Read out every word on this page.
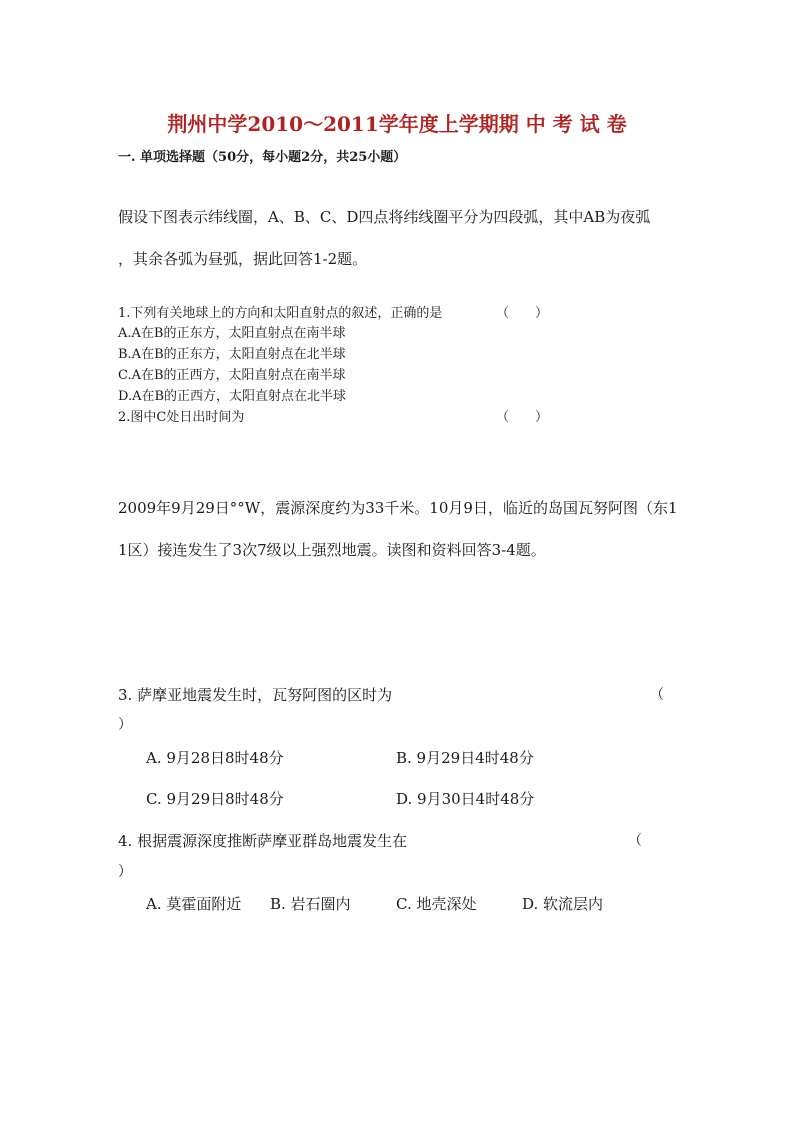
荆州中学2010～2011学年度上学期期 中 考 试 卷
一. 单项选择题（50分，每小题2分，共25小题）
假设下图表示纬线圈，A、B、C、D四点将纬线圈平分为四段弧，其中AB为夜弧
，其余各弧为昼弧，据此回答1-2题。
1.下列有关地球上的方向和太阳直射点的叙述，正确的是	（　　）
A.A在B的正东方，太阳直射点在南半球
B.A在B的正东方，太阳直射点在北半球
C.A在B的正西方，太阳直射点在南半球
D.A在B的正西方，太阳直射点在北半球
2.图中C处日出时间为	（　　）
2009年9月29日°°W，震源深度约为33千米。10月9日，临近的岛国瓦努阿图（东1
1区）接连发生了3次7级以上强烈地震。读图和资料回答3-4题。
3. 萨摩亚地震发生时，瓦努阿图的区时为	（
）
A. 9月28日8时48分	B. 9月29日4时48分
C. 9月29日8时48分	D. 9月30日4时48分
4. 根据震源深度推断萨摩亚群岛地震发生在	（
）
A. 莫霍面附近 B. 岩石圈内	C. 地壳深处	D. 软流层内
